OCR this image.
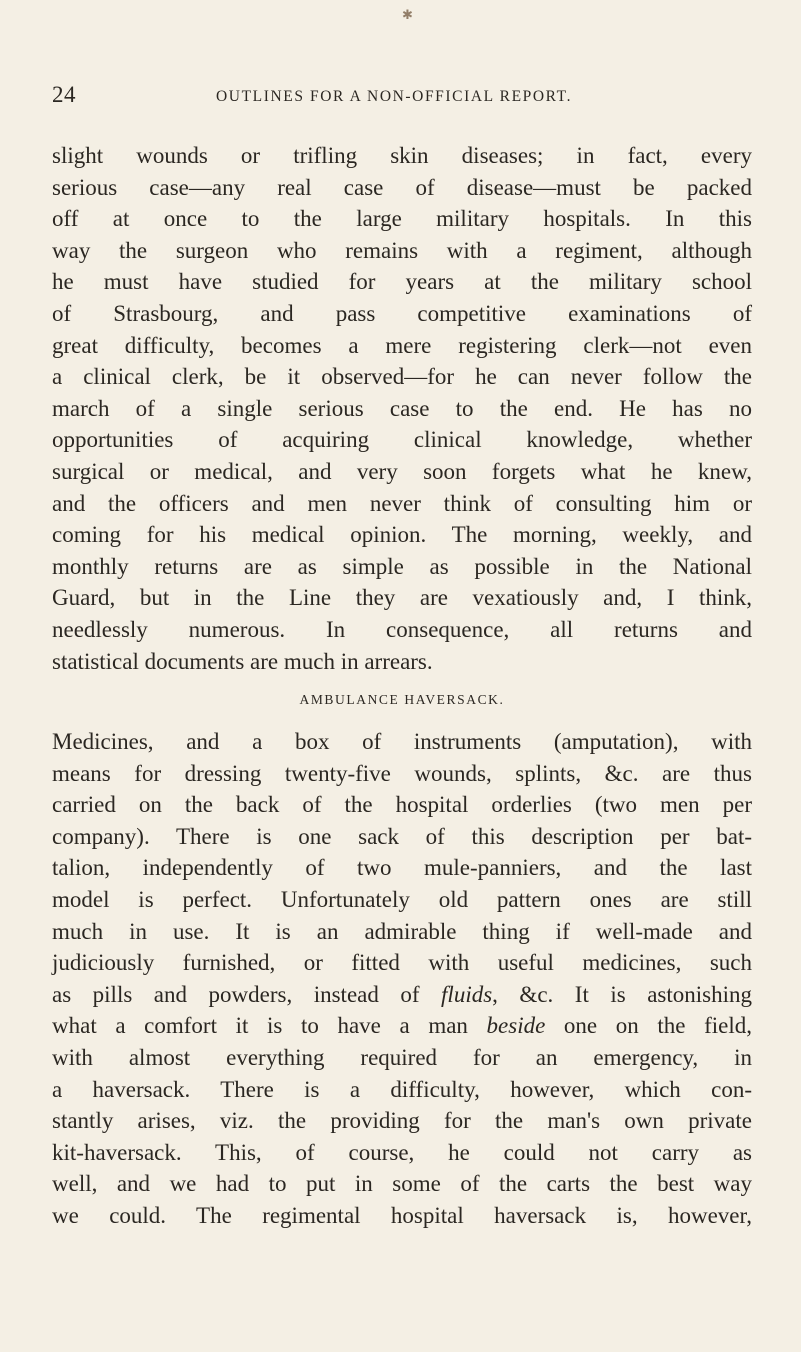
✱
24	OUTLINES FOR A NON-OFFICIAL REPORT.

slight wounds or trifling skin diseases; in fact, every
serious case—any real case of disease—must be packed
off at once to the large military hospitals. In this
way the surgeon who remains with a regiment, although
he must have studied for years at the military school
of Strasbourg, and pass competitive examinations of
great difficulty, becomes a mere registering clerk—not even
a clinical clerk, be it observed—for he can never follow the
march of a single serious case to the end. He has no
opportunities of acquiring clinical knowledge, whether
surgical or medical, and very soon forgets what he knew,
and the officers and men never think of consulting him or
coming for his medical opinion. The morning, weekly, and
monthly returns are as simple as possible in the National
Guard, but in the Line they are vexatiously and, I think,
needlessly numerous. In consequence, all returns and
statistical documents are much in arrears.

AMBULANCE HAVERSACK.

Medicines, and a box of instruments (amputation), with
means for dressing twenty-five wounds, splints, &c. are thus
carried on the back of the hospital orderlies (two men per
company). There is one sack of this description per bat-
talion, independently of two mule-panniers, and the last
model is perfect. Unfortunately old pattern ones are still
much in use. It is an admirable thing if well-made and
judiciously furnished, or fitted with useful medicines, such
as pills and powders, instead of fluids, &c. It is astonishing
what a comfort it is to have a man beside one on the field,
with almost everything required for an emergency, in
a haversack. There is a difficulty, however, which con-
stantly arises, viz. the providing for the man's own private
kit-haversack. This, of course, he could not carry as
well, and we had to put in some of the carts the best way
we could. The regimental hospital haversack is, however,
